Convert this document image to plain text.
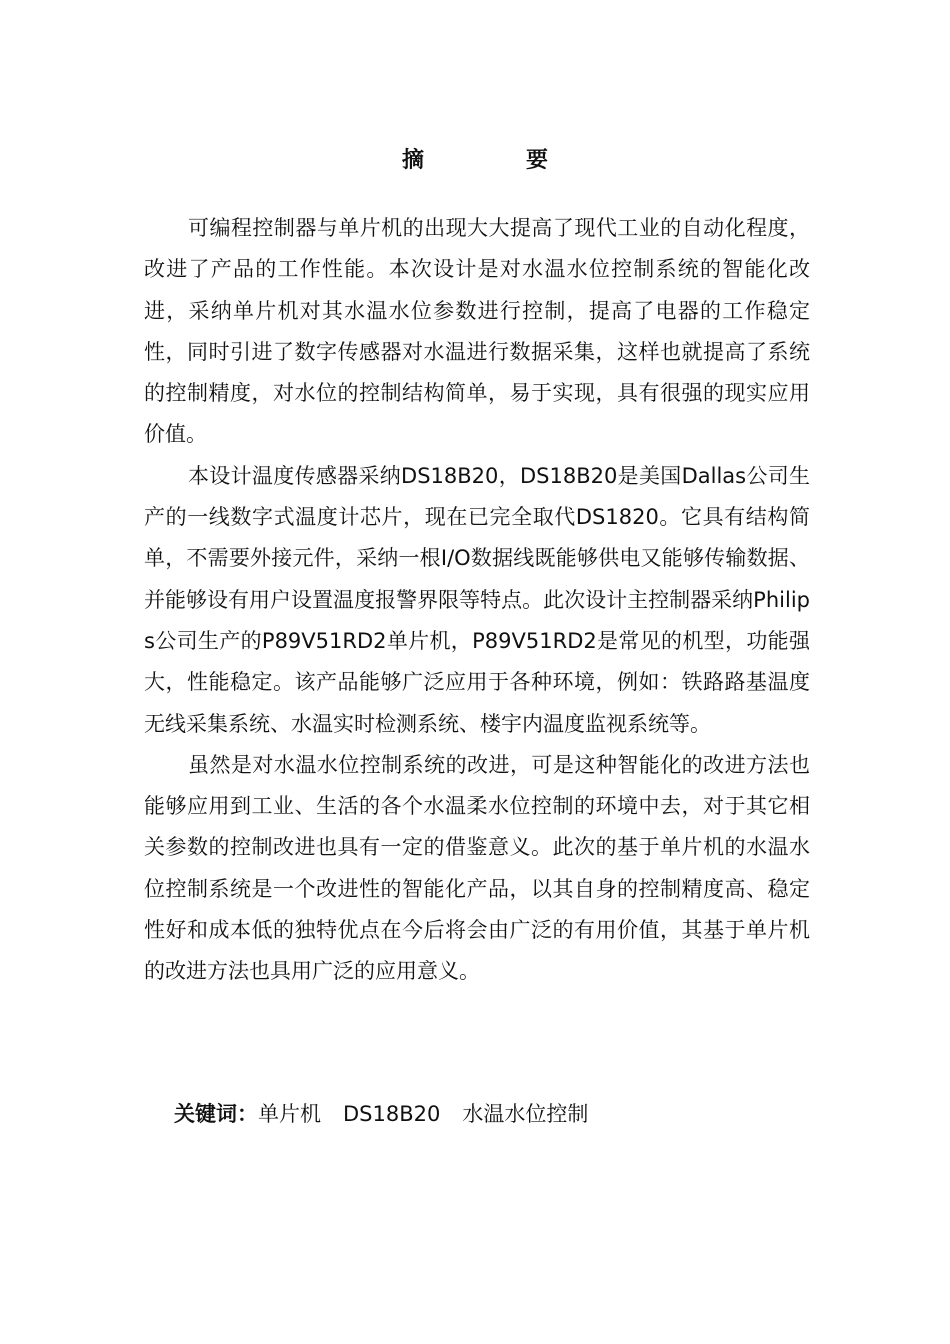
摘　要

可编程控制器与单片机的出现大大提高了现代工业的自动化程度，改进了产品的工作性能。本次设计是对水温水位控制系统的智能化改进，采纳单片机对其水温水位参数进行控制，提高了电器的工作稳定性，同时引进了数字传感器对水温进行数据采集，这样也就提高了系统的控制精度，对水位的控制结构简单，易于实现，具有很强的现实应用价值。

本设计温度传感器采纳DS18B20，DS18B20是美国Dallas公司生产的一线数字式温度计芯片，现在已完全取代DS1820。它具有结构简单，不需要外接元件，采纳一根I/O数据线既能够供电又能够传输数据、并能够设有用户设置温度报警界限等特点。此次设计主控制器采纳Philips公司生产的P89V51RD2单片机，P89V51RD2是常见的机型，功能强大，性能稳定。该产品能够广泛应用于各种环境，例如：铁路路基温度无线采集系统、水温实时检测系统、楼宇内温度监视系统等。

虽然是对水温水位控制系统的改进，可是这种智能化的改进方法也能够应用到工业、生活的各个水温柔水位控制的环境中去，对于其它相关参数的控制改进也具有一定的借鉴意义。此次的基于单片机的水温水位控制系统是一个改进性的智能化产品，以其自身的控制精度高、稳定性好和成本低的独特优点在今后将会由广泛的有用价值，其基于单片机的改进方法也具用广泛的应用意义。

关键词：单片机 DS18B20 水温水位控制
